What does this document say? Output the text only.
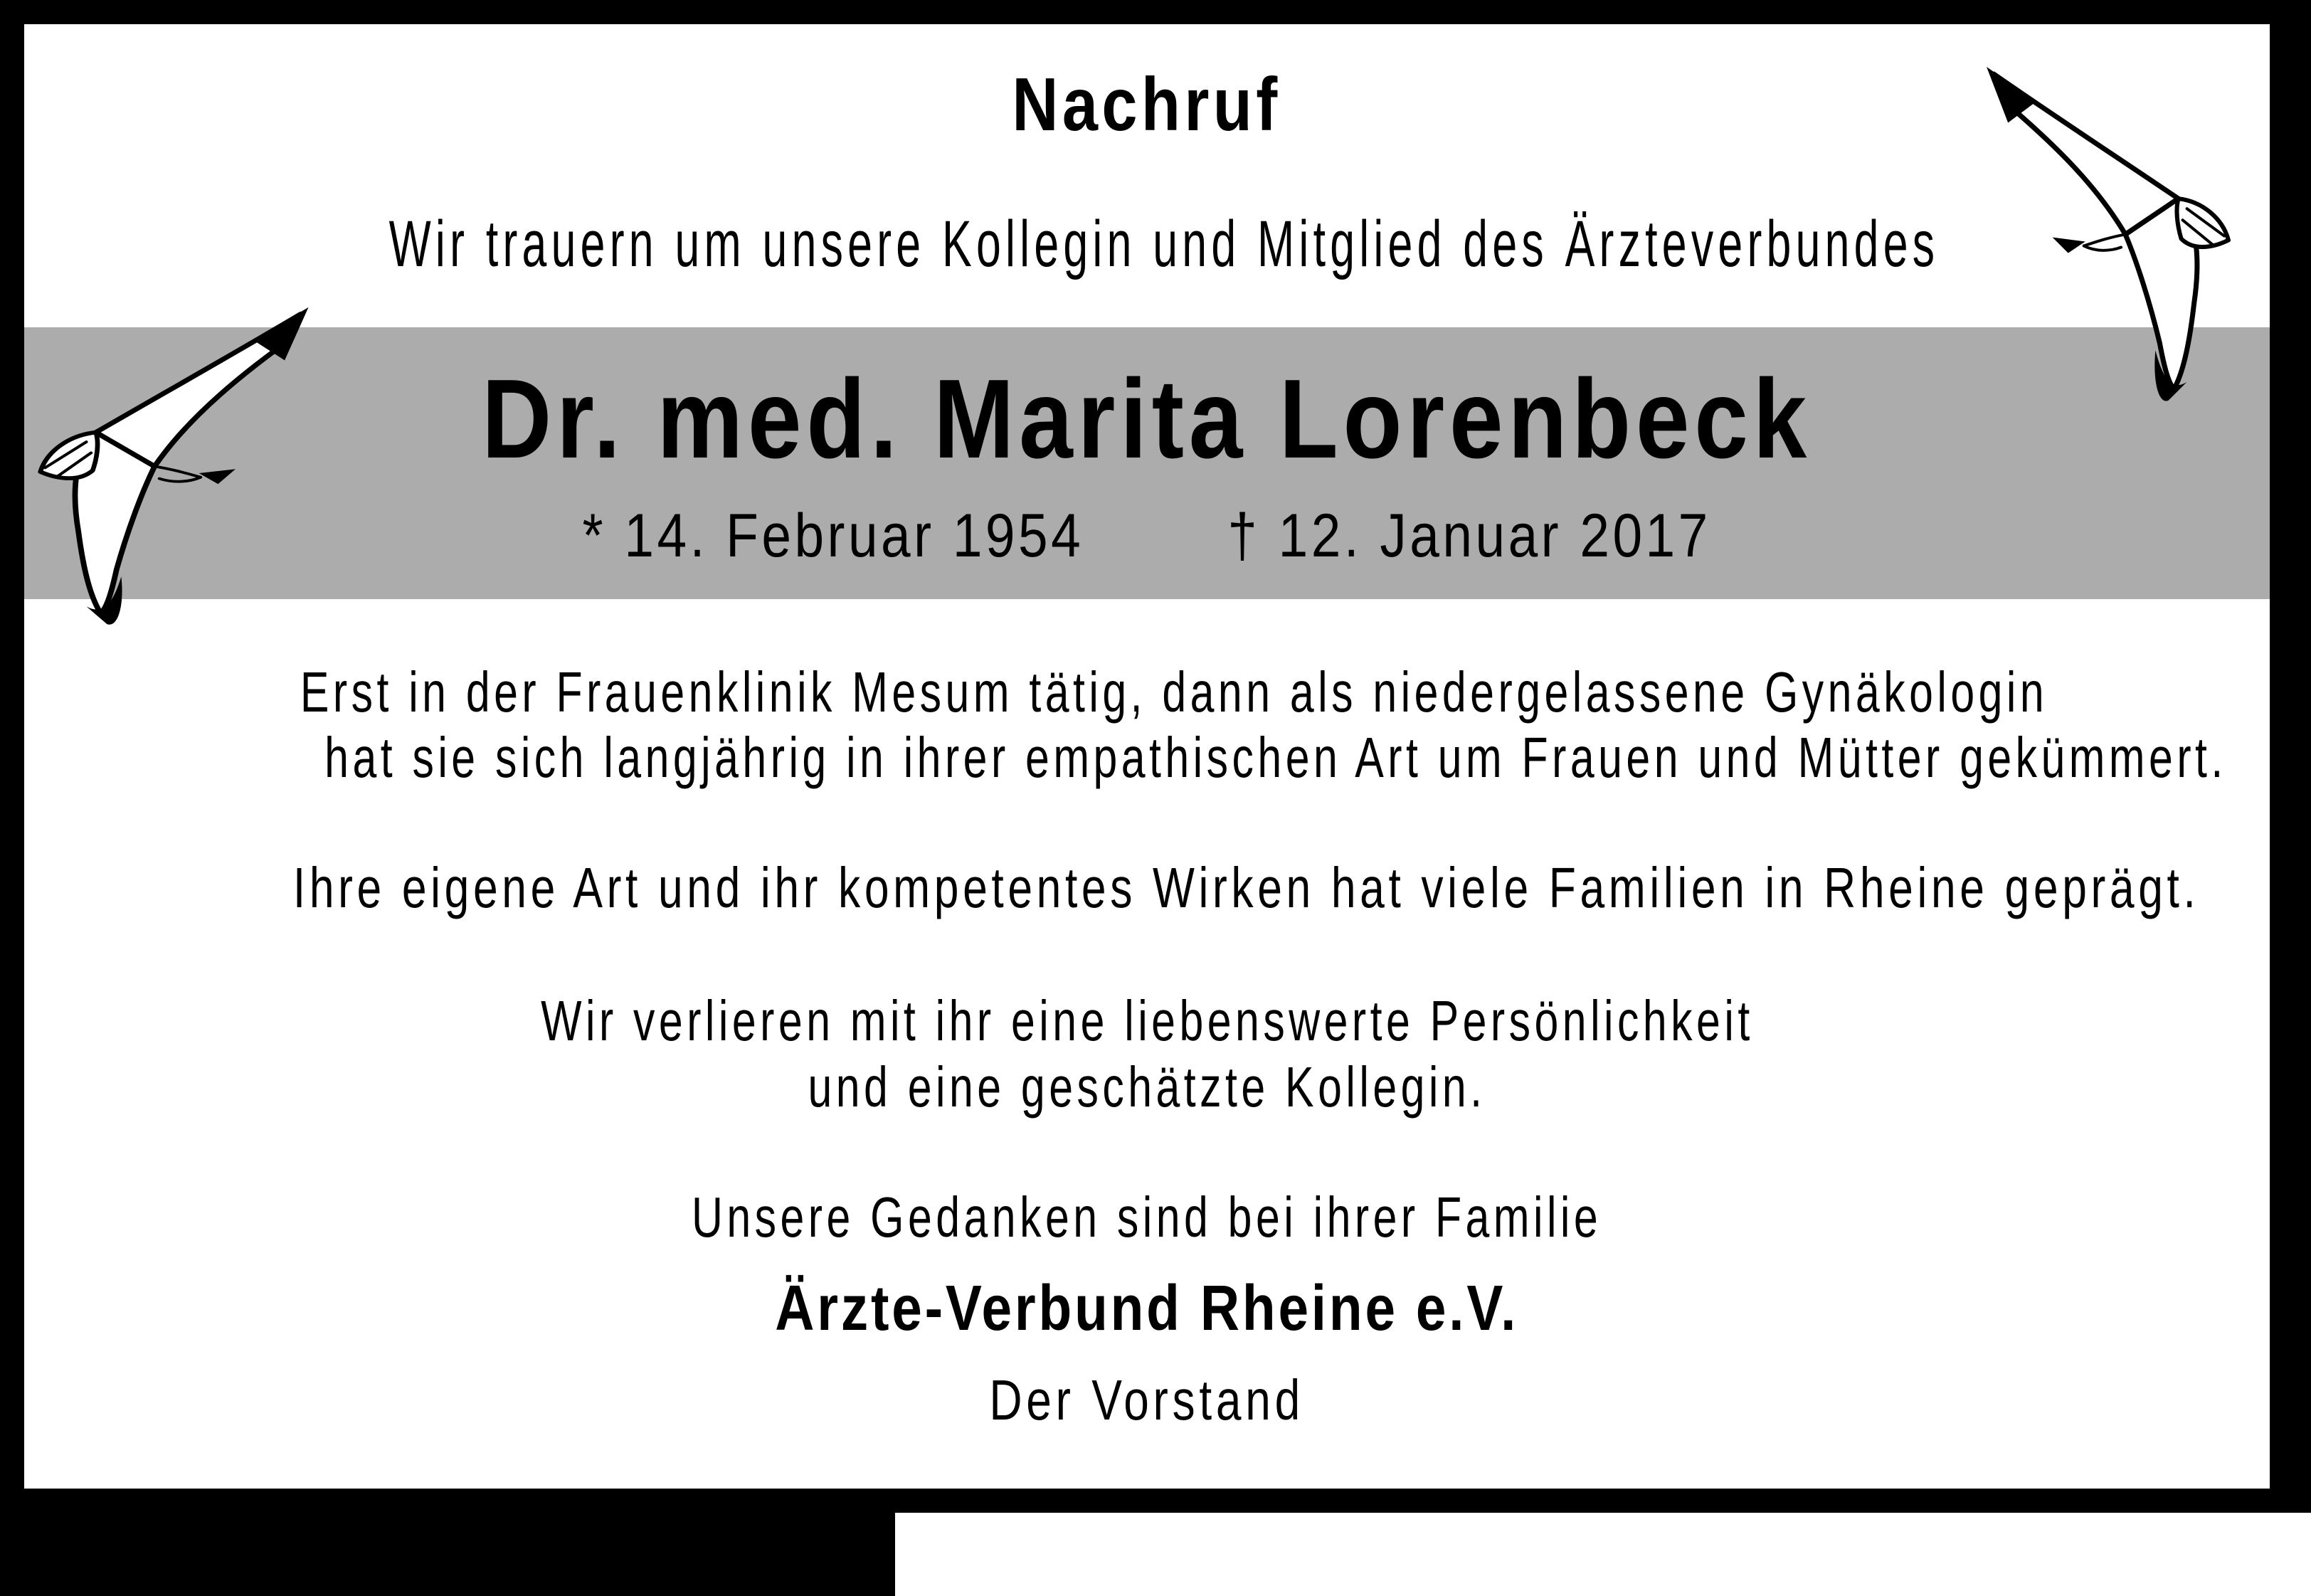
Nachruf
Wir trauern um unsere Kollegin und Mitglied des Ärzteverbundes
Dr. med. Marita Lorenbeck
* 14. Februar 1954 † 12. Januar 2017
Erst in der Frauenklinik Mesum tätig, dann als niedergelassene Gynäkologin
hat sie sich langjährig in ihrer empathischen Art um Frauen und Mütter gekümmert.
Ihre eigene Art und ihr kompetentes Wirken hat viele Familien in Rheine geprägt.
Wir verlieren mit ihr eine liebenswerte Persönlichkeit
und eine geschätzte Kollegin.
Unsere Gedanken sind bei ihrer Familie
Ärzte-Verbund Rheine e.V.
Der Vorstand
